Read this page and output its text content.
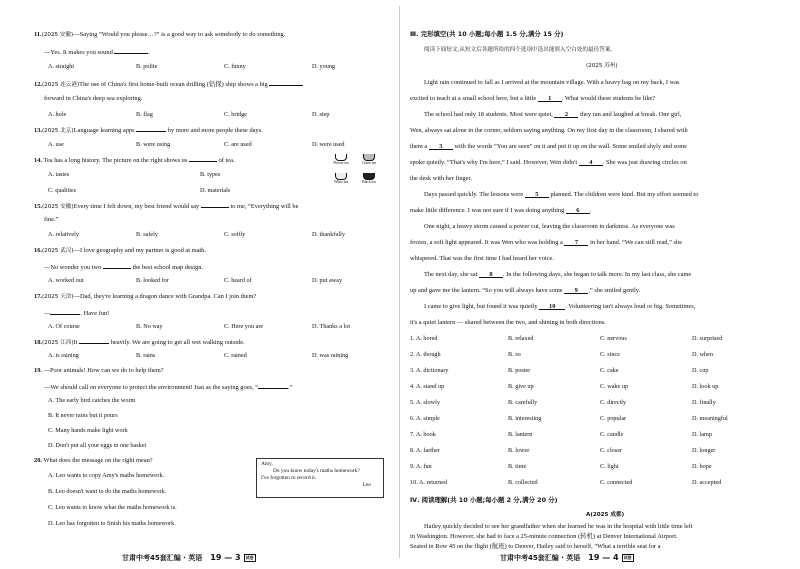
11.(2025 安徽)—Saying “Would you please…?” is a good way to ask somebody to do something.
—Yes. It makes you sound	.
A. straight	B. polite	C. funny	D. young
12.(2025 连云港)The use of China's first home-built ocean drilling (钻探) ship shows a big
forward in China's deep sea exploring.
A. hole	B. flag	C. bridge	D. step
13.(2025 北京)Language learning apps	by more and more people these days.
A. use	B. were using	C. are used	D. were used
14. Tea has a long history. The picture on the right shows us	of tea.
A. tastes	B. types
C. qualities	D. materials
Flower tea	Green tea
White tea	Black tea
15.(2025 安徽)Every time I felt down, my best friend would say	to me, “Everything will be
fine.”
A. relatively	B. safely	C. softly	D. thankfully
16.(2025 武汉)—I love geography and my partner is good at math.
—No wonder you two	the best school map design.
A. worked out	B. looked for	C. heard of	D. put away
17.(2025 天津)—Dad, they're learning a dragon dance with Grandpa. Can I join them?
—	. Have fun!
A. Of course	B. No way	C. Here you are	D. Thanks a lot
18.(2025 江西)It	heavily. We are going to get all wet walking outside.
A. is raining	B. rains	C. rained	D. was raining
19. —Poor animals! How can we do to help them?
—We should call on everyone to protect the environment! Just as the saying goes, “	.”
A. The early bird catches the worm
B. It never rains but it pours
C. Many hands make light work
D. Don't put all your eggs in one basket
20. What does the message on the right mean?
A. Leo wants to copy Amy's maths homework.
B. Leo doesn't want to do the maths homework.
C. Leo wants to know what the maths homework is.
D. Leo has forgotten to finish his maths homework.
Amy,
Do you know today's maths homework?
I've forgotten to record it.
Leo
甘肃中考45套汇编 · 英语 19 — 3 试卷
Ⅲ. 完形填空(共 10 小题;每小题 1.5 分,满分 15 分)
阅读下面短文,从短文后各题所给的四个选项中选出能填入空白处的最佳答案。
(2025 苏州)
Light rain continued to fall as I arrived at the mountain village. With a heavy bag on my back, I was
excited to teach at a small school here, but a little 1 . What would these students be like?
The school had only 18 students. Most were quiet, 2 they ran and laughed at break. One girl,
Wen, always sat alone in the corner, seldom saying anything. On my first day in the classroom, I shared with
them a 3 with the words “You are seen” on it and put it up on the wall. Some smiled shyly and some
spoke quietly. “That's why I'm here,” I said. However, Wen didn't 4 . She was just drawing circles on
the desk with her finger.
Days passed quickly. The lessons were 5 planned. The children were kind. But my effort seemed to
make little difference. I was not sure if I was doing anything 6 .
One night, a heavy storm caused a power cut, leaving the classroom in darkness. As everyone was
frozen, a soft light appeared. It was Wen who was holding a 7 in her hand. “We can still read,” she
whispered. That was the first time I had heard her voice.
The next day, she sat 8 . In the following days, she began to talk more. In my last class, she came
up and gave me the lantern. “So you will always have some 9 ,” she smiled gently.
I came to give light, but found it was quietly 10 . Volunteering isn't always loud or big. Sometimes,
it's a quiet lantern — shared between the two, and shining in both directions.
1. A. bored	B. relaxed	C. nervous	D. surprised
2. A. though	B. so	C. since	D. when
3. A. dictionary	B. poster	C. cake	D. cup
4. A. stand up	B. give up	C. wake up	D. look up
5. A. slowly	B. carefully	C. directly	D. finally
6. A. simple	B. interesting	C. popular	D. meaningful
7. A. book	B. lantern	C. candle	D. lamp
8. A. farther	B. lower	C. closer	D. longer
9. A. fun	B. time	C. light	D. hope
10. A. returned	B. collected	C. connected	D. accepted
Ⅳ. 阅读理解(共 10 小题;每小题 2 分,满分 20 分)
A(2025 成都)
Hailey quickly decided to see her grandfather when she learned he was in the hospital with little time left
in Washington. However, she had to face a 25-minute connection (转机) at Denver International Airport.
Seated in Row 45 on the flight (航班) to Denver, Hailey said to herself, “What a terrible seat for a
甘肃中考45套汇编 · 英语 19 — 4 试卷
